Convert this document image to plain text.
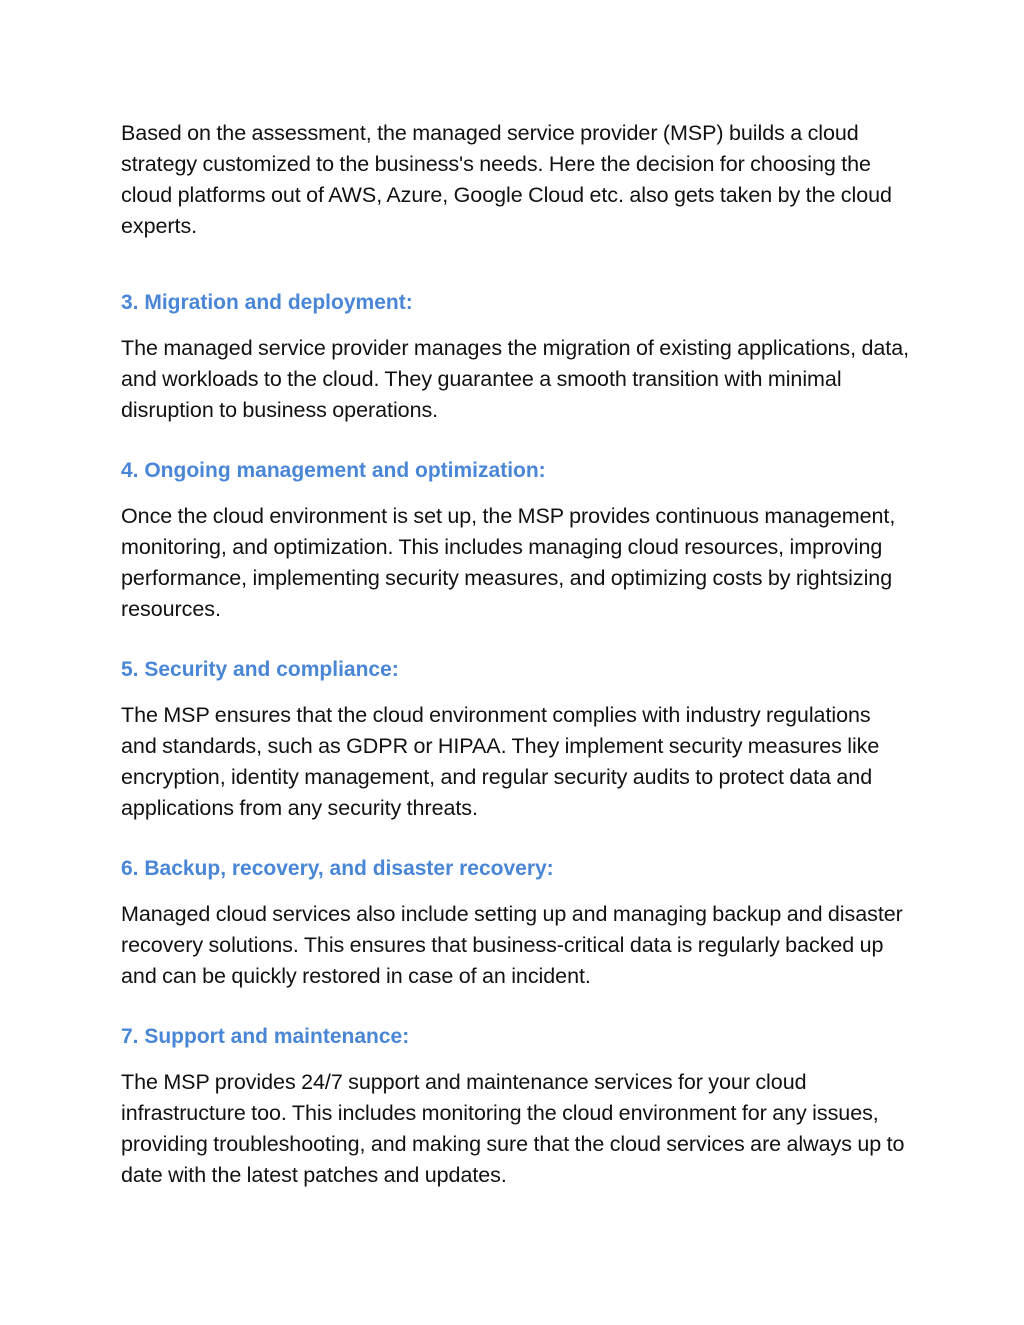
Based on the assessment, the managed service provider (MSP) builds a cloud strategy customized to the business's needs. Here the decision for choosing the cloud platforms out of AWS, Azure, Google Cloud etc. also gets taken by the cloud experts.

3. Migration and deployment:

The managed service provider manages the migration of existing applications, data, and workloads to the cloud. They guarantee a smooth transition with minimal disruption to business operations.

4. Ongoing management and optimization:

Once the cloud environment is set up, the MSP provides continuous management, monitoring, and optimization. This includes managing cloud resources, improving performance, implementing security measures, and optimizing costs by rightsizing resources.

5. Security and compliance:

The MSP ensures that the cloud environment complies with industry regulations and standards, such as GDPR or HIPAA. They implement security measures like encryption, identity management, and regular security audits to protect data and applications from any security threats.

6. Backup, recovery, and disaster recovery:

Managed cloud services also include setting up and managing backup and disaster recovery solutions. This ensures that business-critical data is regularly backed up and can be quickly restored in case of an incident.

7. Support and maintenance:

The MSP provides 24/7 support and maintenance services for your cloud infrastructure too. This includes monitoring the cloud environment for any issues, providing troubleshooting, and making sure that the cloud services are always up to date with the latest patches and updates.
